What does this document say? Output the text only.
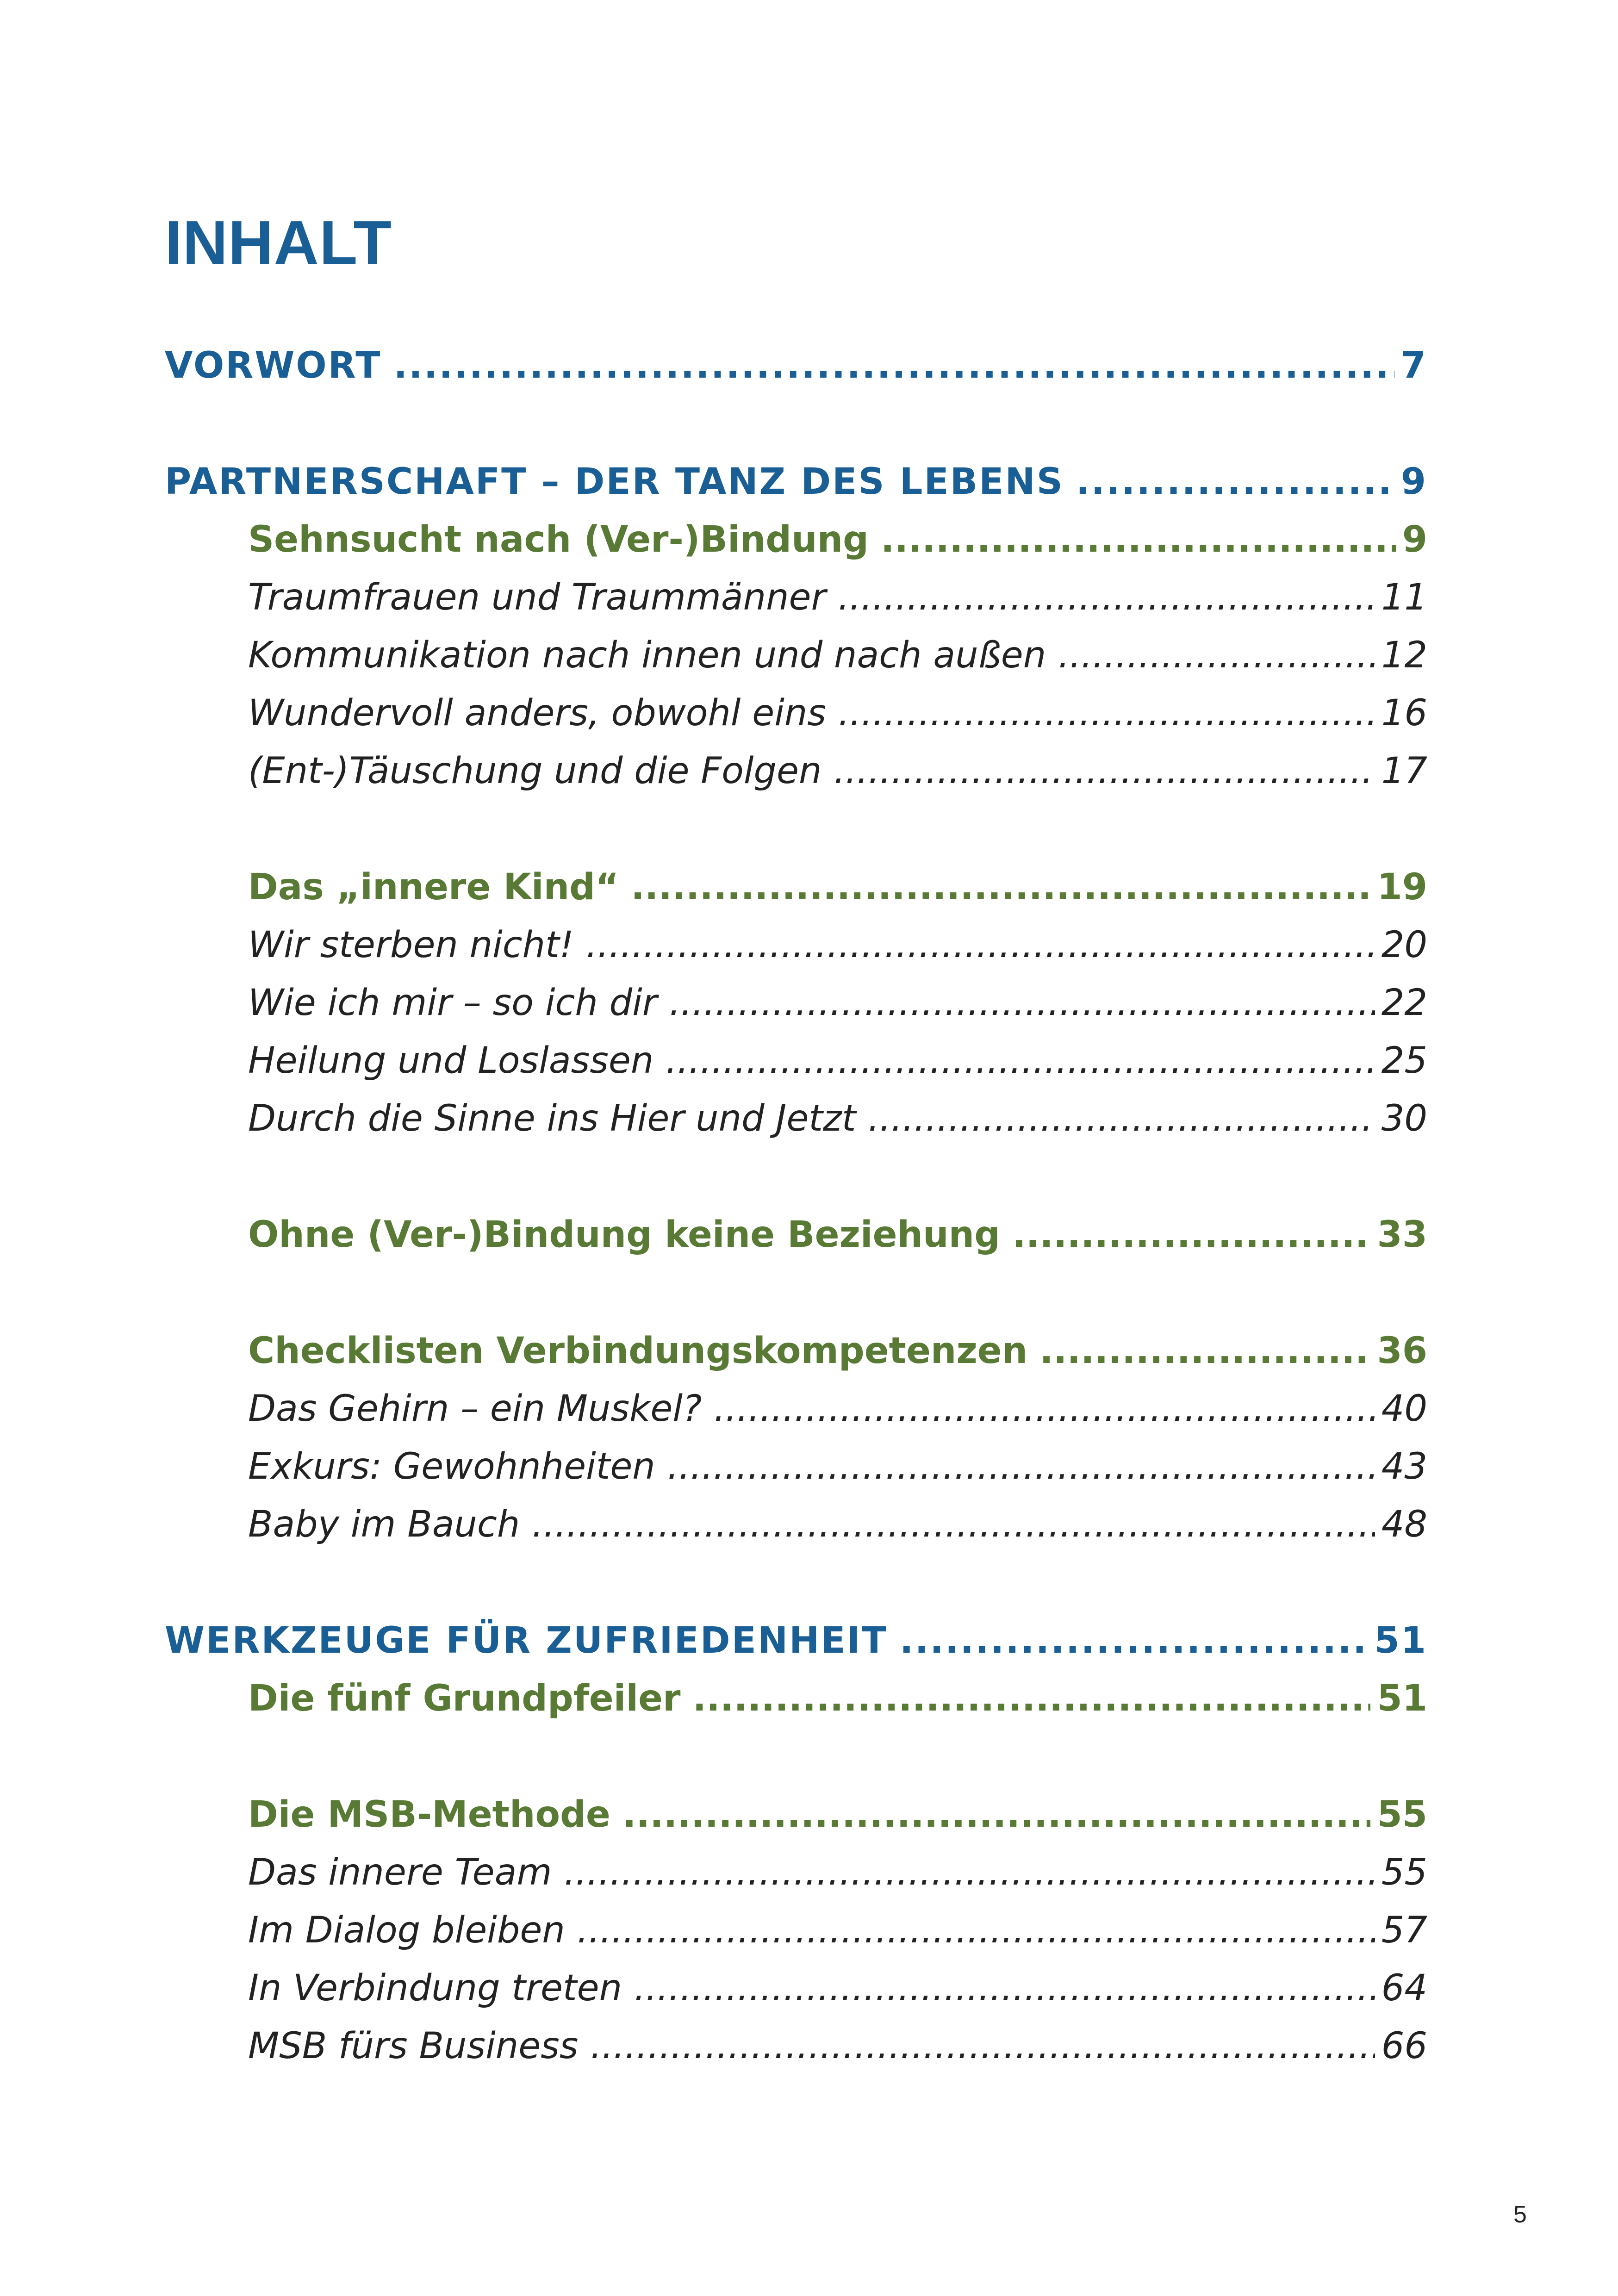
INHALT
VORWORT .....	7
PARTNERSCHAFT – DER TANZ DES LEBENS .....	9
Sehnsucht nach (Ver-)Bindung .....	9
Traumfrauen und Traummänner .....	11
Kommunikation nach innen und nach außen .....	12
Wundervoll anders, obwohl eins .....	16
(Ent-)Täuschung und die Folgen .....	17
Das „innere Kind“ .....	19
Wir sterben nicht! .....	20
Wie ich mir – so ich dir .....	22
Heilung und Loslassen .....	25
Durch die Sinne ins Hier und Jetzt .....	30
Ohne (Ver-)Bindung keine Beziehung .....	33
Checklisten Verbindungskompetenzen .....	36
Das Gehirn – ein Muskel? .....	40
Exkurs: Gewohnheiten .....	43
Baby im Bauch .....	48
WERKZEUGE FÜR ZUFRIEDENHEIT .....	51
Die fünf Grundpfeiler .....	51
Die MSB-Methode .....	55
Das innere Team .....	55
Im Dialog bleiben .....	57
In Verbindung treten .....	64
MSB fürs Business .....	66
5
